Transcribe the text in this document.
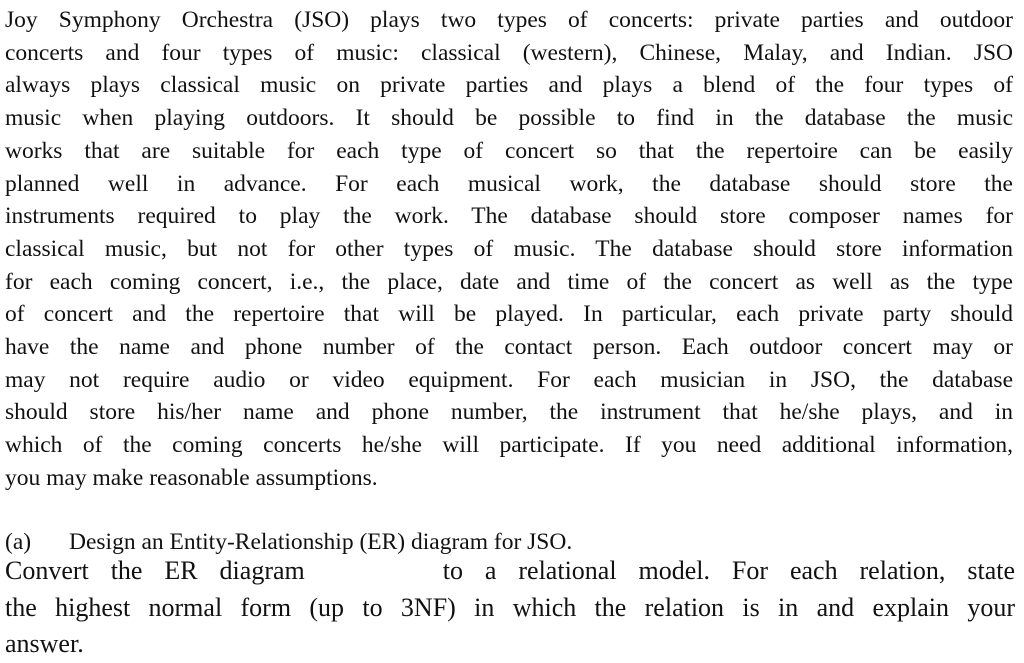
Joy Symphony Orchestra (JSO) plays two types of concerts: private parties and outdoor
concerts and four types of music: classical (western), Chinese, Malay, and Indian. JSO
always plays classical music on private parties and plays a blend of the four types of
music when playing outdoors. It should be possible to find in the database the music
works that are suitable for each type of concert so that the repertoire can be easily
planned well in advance. For each musical work, the database should store the
instruments required to play the work. The database should store composer names for
classical music, but not for other types of music. The database should store information
for each coming concert, i.e., the place, date and time of the concert as well as the type
of concert and the repertoire that will be played. In particular, each private party should
have the name and phone number of the contact person. Each outdoor concert may or
may not require audio or video equipment. For each musician in JSO, the database
should store his/her name and phone number, the instrument that he/she plays, and in
which of the coming concerts he/she will participate. If you need additional information,
you may make reasonable assumptions.
(a) Design an Entity-Relationship (ER) diagram for JSO.
Convert the ER diagram	to a relational model. For each relation, state
the highest normal form (up to 3NF) in which the relation is in and explain your
answer.
